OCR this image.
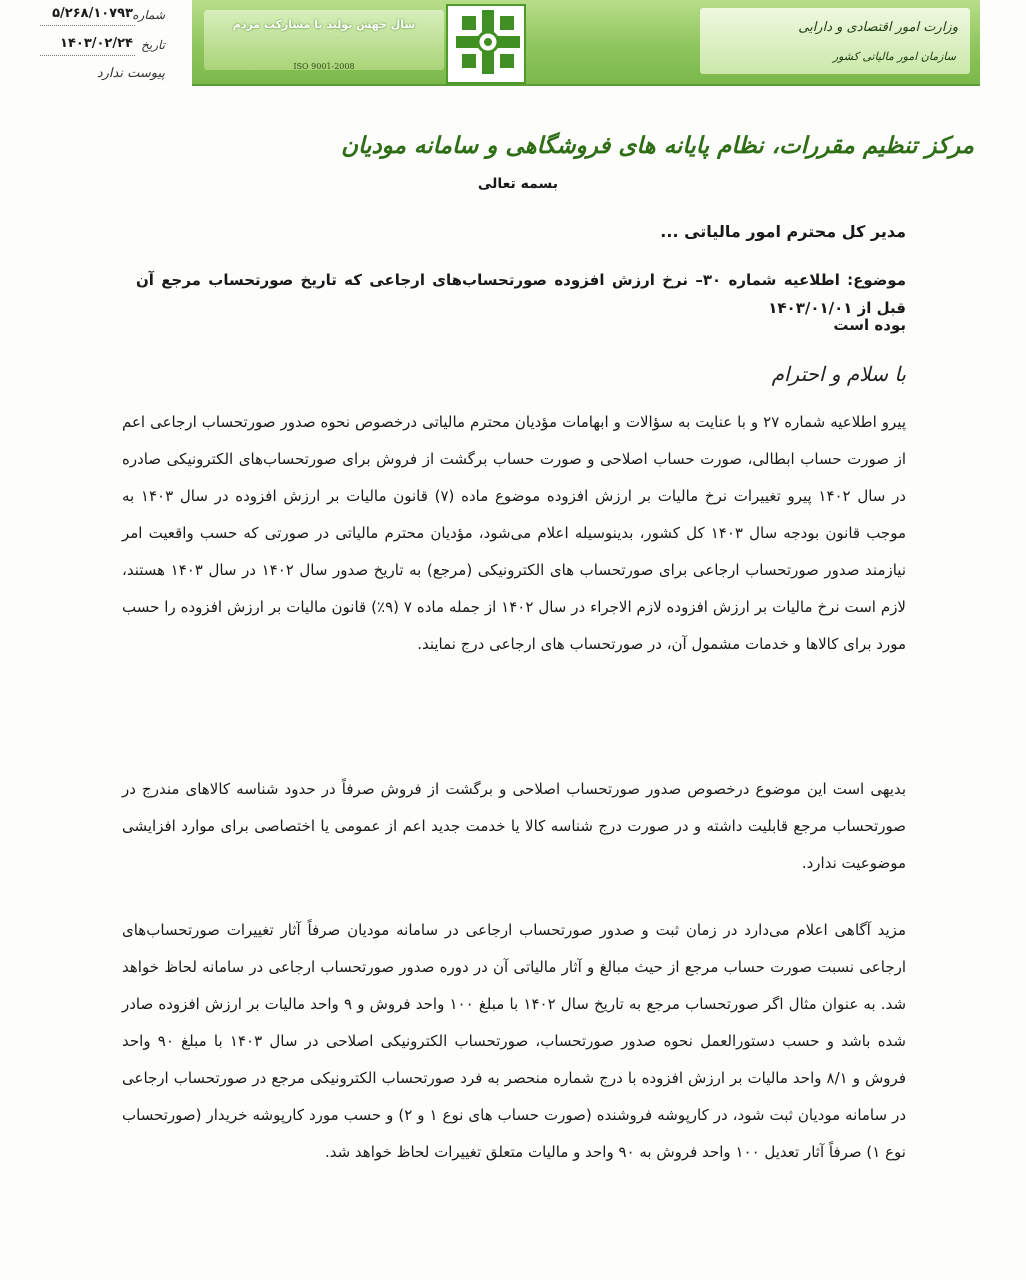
شماره
۵/۲۶۸/۱۰۷۹۳
تاریخ
۱۴۰۳/۰۲/۲۴
پیوست ندارد
سال جهش تولید با مشارکت مردم
ISO 9001-2008
وزارت امور اقتصادی و دارایی
سازمان امور مالیاتی کشور
مرکز تنظیم مقررات، نظام پایانه های فروشگاهی و سامانه مودیان
بسمه تعالی
مدیر کل محترم امور مالیاتی ...
موضوع: اطلاعیه شماره ۳۰– نرخ ارزش افزوده صورتحساب‌های ارجاعی که تاریخ صورتحساب مرجع آن قبل از ۱۴۰۳/۰۱/۰۱
بوده است
با سلام و احترام
پیرو اطلاعیه شماره ۲۷ و با عنایت به سؤالات و ابهامات مؤدیان محترم مالیاتی درخصوص نحوه صدور صورتحساب ارجاعی اعم از صورت حساب ابطالی، صورت حساب اصلاحی و صورت حساب برگشت از فروش برای صورتحساب‌های الکترونیکی صادره در سال ۱۴۰۲ پیرو تغییرات نرخ مالیات بر ارزش افزوده موضوع ماده (۷) قانون مالیات بر ارزش افزوده در سال ۱۴۰۳ به موجب قانون بودجه سال ۱۴۰۳ کل کشور، بدینوسیله اعلام می‌شود، مؤدیان محترم مالیاتی در صورتی که حسب واقعیت امر نیازمند صدور صورتحساب ارجاعی برای صورتحساب های الکترونیکی (مرجع) به تاریخ صدور سال ۱۴۰۲ در سال ۱۴۰۳ هستند، لازم است نرخ مالیات بر ارزش افزوده لازم الاجراء در سال ۱۴۰۲ از جمله ماده ۷ (۹٪) قانون مالیات بر ارزش افزوده را حسب مورد برای کالاها و خدمات مشمول آن، در صورتحساب های ارجاعی درج نمایند.
بدیهی است این موضوع درخصوص صدور صورتحساب اصلاحی و برگشت از فروش صرفاً در حدود شناسه کالاهای مندرج در صورتحساب مرجع قابلیت داشته و در صورت درج شناسه کالا یا خدمت جدید اعم از عمومی یا اختصاصی برای موارد افزایشی موضوعیت ندارد.
مزید آگاهی اعلام می‌دارد در زمان ثبت و صدور صورتحساب ارجاعی در سامانه مودیان صرفاً آثار تغییرات صورتحساب‌های ارجاعی نسبت صورت حساب مرجع از حیث مبالغ و آثار مالیاتی آن در دوره صدور صورتحساب ارجاعی در سامانه لحاظ خواهد شد. به عنوان مثال اگر صورتحساب مرجع به تاریخ سال ۱۴۰۲ با مبلغ ۱۰۰ واحد فروش و ۹ واحد مالیات بر ارزش افزوده صادر شده باشد و حسب دستورالعمل نحوه صدور صورتحساب، صورتحساب الکترونیکی اصلاحی در سال ۱۴۰۳ با مبلغ ۹۰ واحد فروش و ۸/۱ واحد مالیات بر ارزش افزوده با درج شماره منحصر به فرد صورتحساب الکترونیکی مرجع در صورتحساب ارجاعی در سامانه مودیان ثبت شود، در کارپوشه فروشنده (صورت حساب های نوع ۱ و ۲) و حسب مورد کارپوشه خریدار (صورتحساب نوع ۱) صرفاً آثار تعدیل ۱۰۰ واحد فروش به ۹۰ واحد و مالیات متعلق تغییرات لحاظ خواهد شد.
